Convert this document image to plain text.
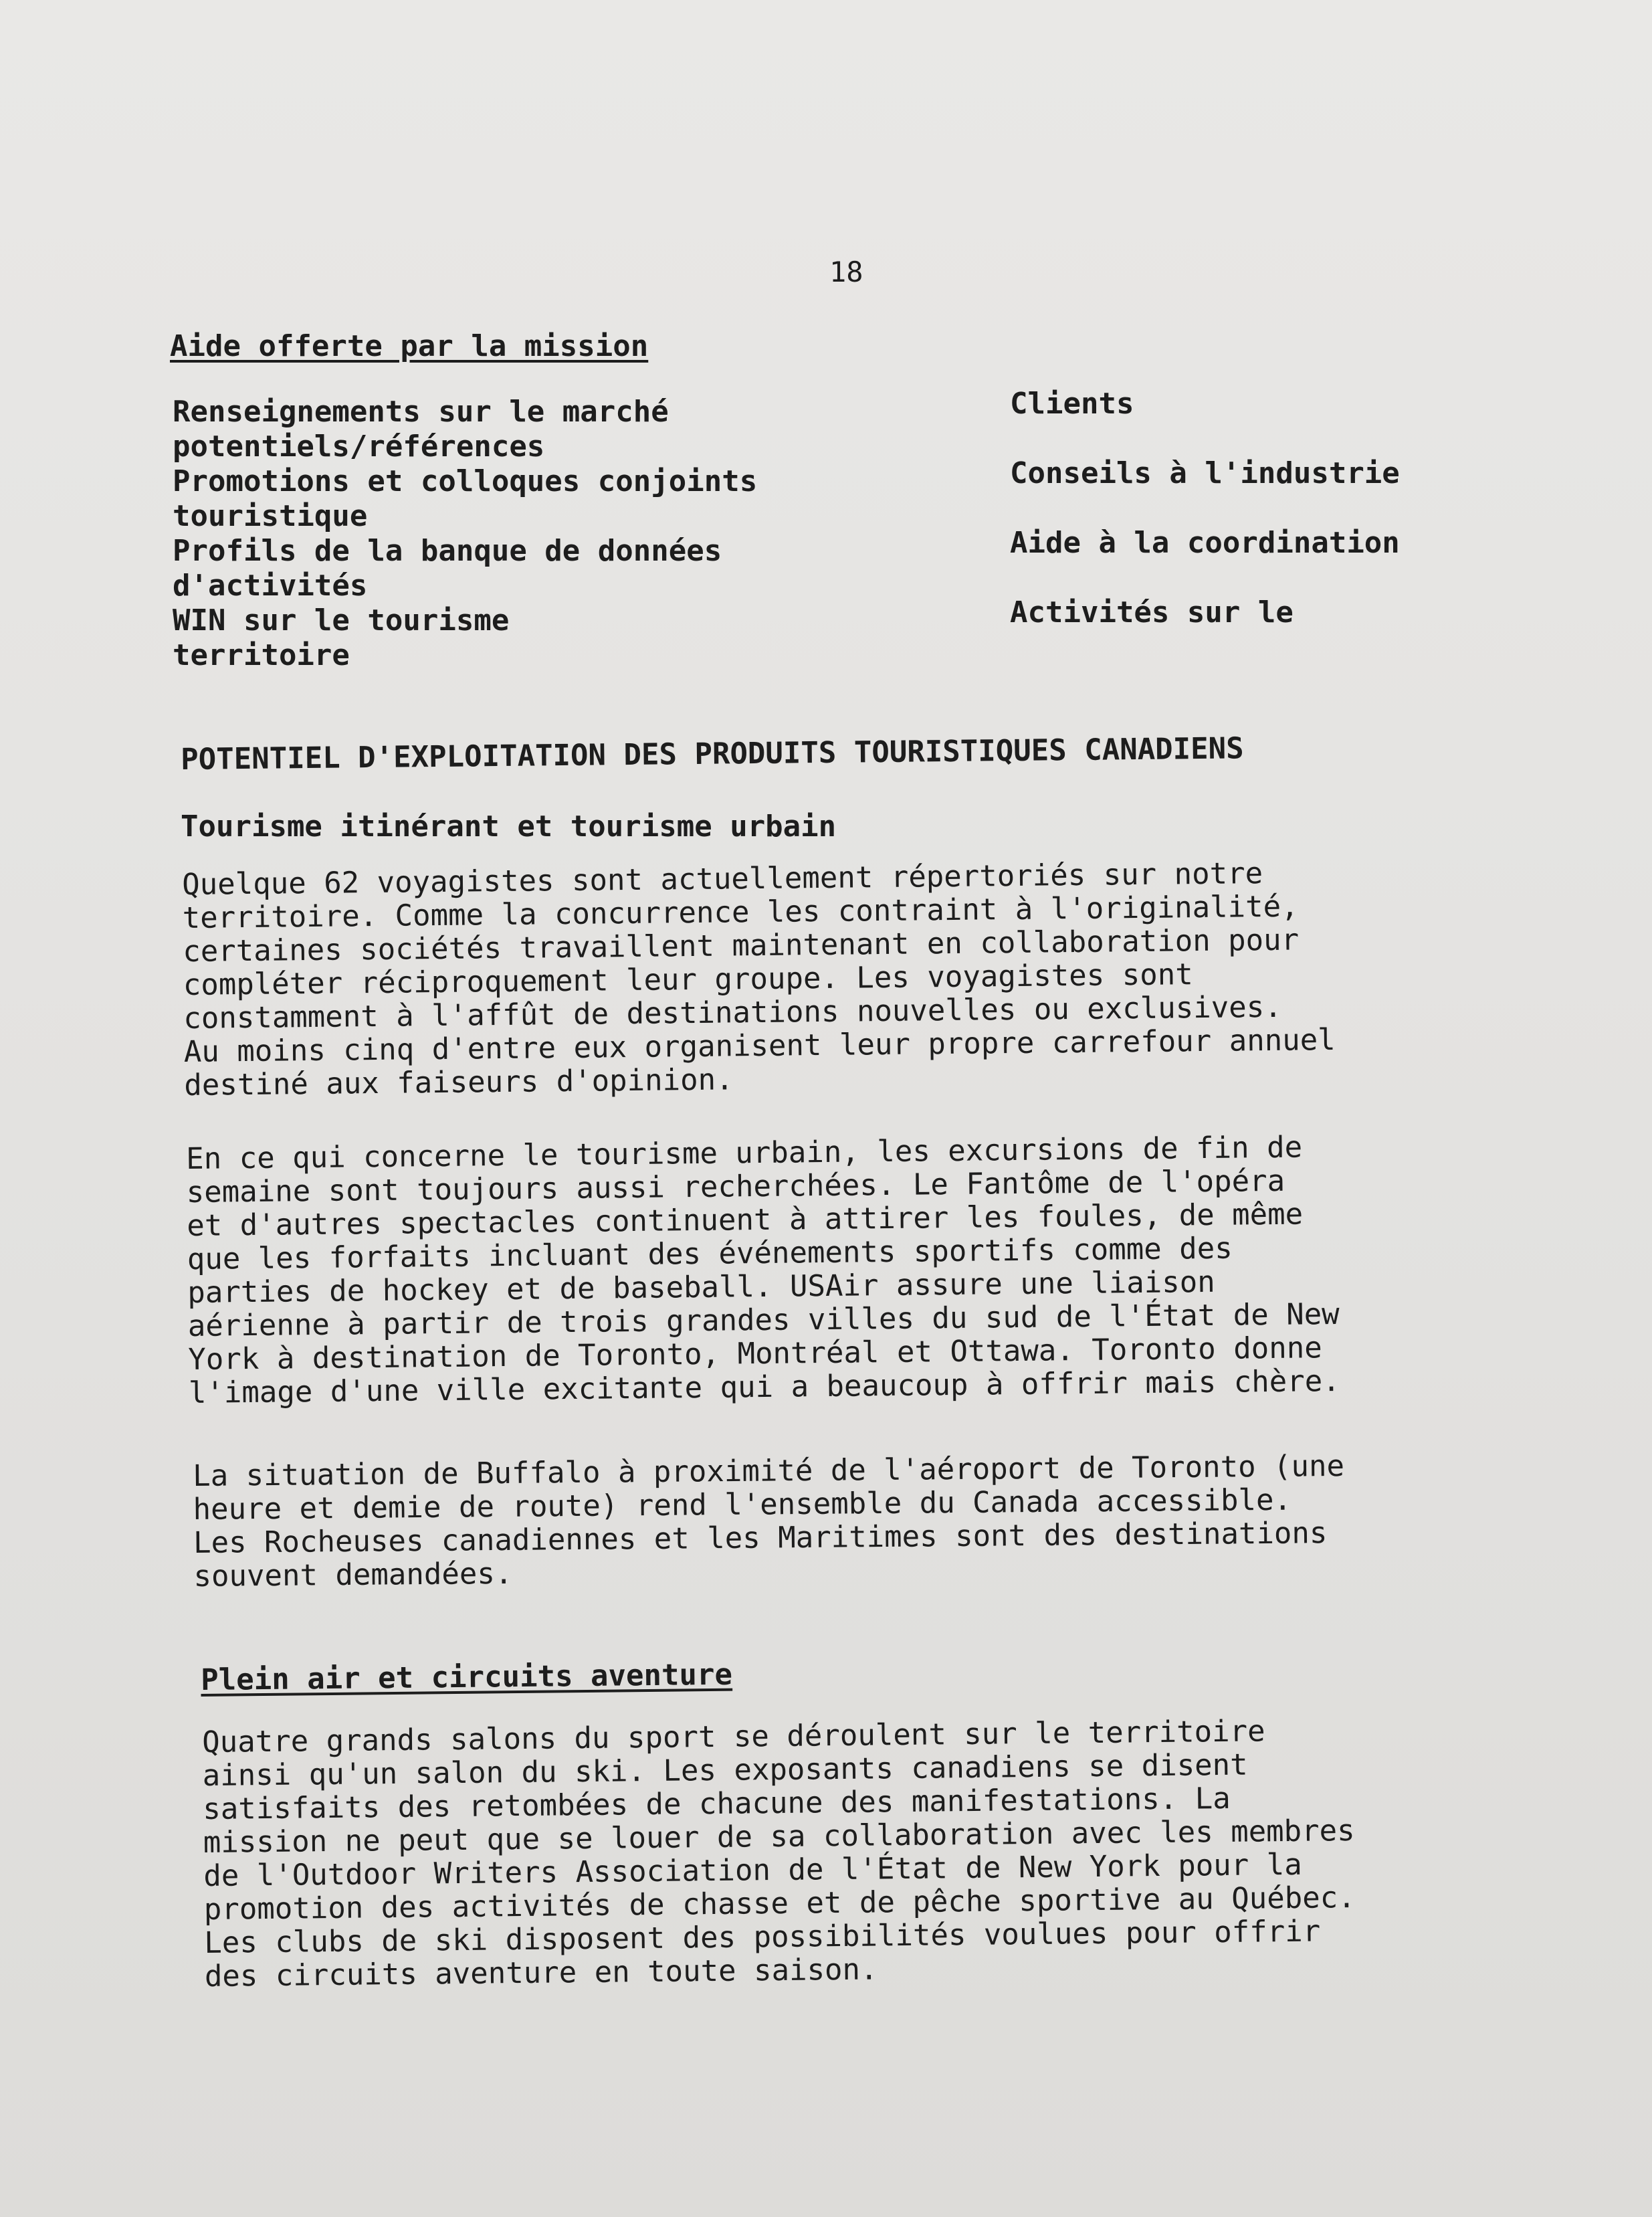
18
Aide offerte par la mission
Renseignements sur le marché
potentiels/références
Promotions et colloques conjoints
touristique
Profils de la banque de données
d'activités
WIN sur le tourisme
territoire
Clients
Conseils à l'industrie
Aide à la coordination
Activités sur le
POTENTIEL D'EXPLOITATION DES PRODUITS TOURISTIQUES CANADIENS
Tourisme itinérant et tourisme urbain
Quelque 62 voyagistes sont actuellement répertoriés sur notre
territoire. Comme la concurrence les contraint à l'originalité,
certaines sociétés travaillent maintenant en collaboration pour
compléter réciproquement leur groupe. Les voyagistes sont
constamment à l'affût de destinations nouvelles ou exclusives.
Au moins cinq d'entre eux organisent leur propre carrefour annuel
destiné aux faiseurs d'opinion.
En ce qui concerne le tourisme urbain, les excursions de fin de
semaine sont toujours aussi recherchées. Le Fantôme de l'opéra
et d'autres spectacles continuent à attirer les foules, de même
que les forfaits incluant des événements sportifs comme des
parties de hockey et de baseball. USAir assure une liaison
aérienne à partir de trois grandes villes du sud de l'État de New
York à destination de Toronto, Montréal et Ottawa. Toronto donne
l'image d'une ville excitante qui a beaucoup à offrir mais chère.
La situation de Buffalo à proximité de l'aéroport de Toronto (une
heure et demie de route) rend l'ensemble du Canada accessible.
Les Rocheuses canadiennes et les Maritimes sont des destinations
souvent demandées.
Plein air et circuits aventure
Quatre grands salons du sport se déroulent sur le territoire
ainsi qu'un salon du ski. Les exposants canadiens se disent
satisfaits des retombées de chacune des manifestations. La
mission ne peut que se louer de sa collaboration avec les membres
de l'Outdoor Writers Association de l'État de New York pour la
promotion des activités de chasse et de pêche sportive au Québec.
Les clubs de ski disposent des possibilités voulues pour offrir
des circuits aventure en toute saison.
